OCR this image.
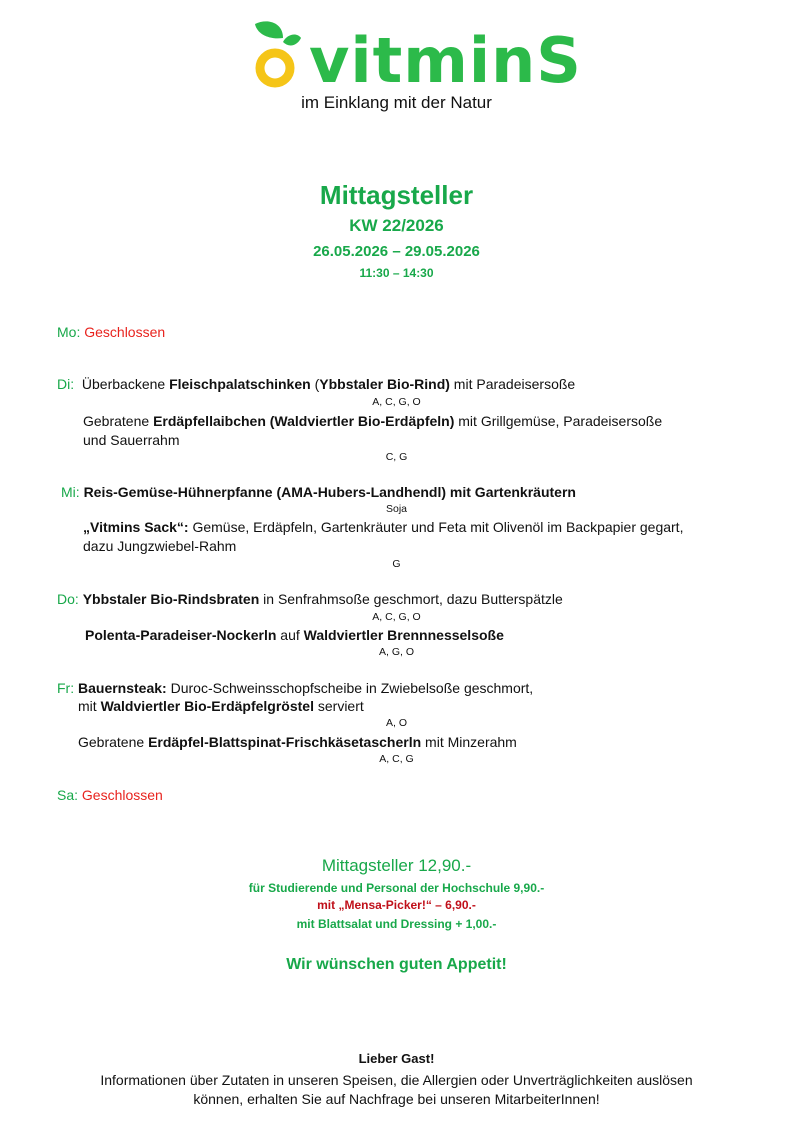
vitminS
im Einklang mit der Natur
Mittagsteller
KW 22/2026
26.05.2026 – 29.05.2026
11:30 – 14:30
Mo: Geschlossen
Di: Überbackene Fleischpalatschinken (Ybbstaler Bio-Rind) mit Paradeisersoße
A, C, G, O
Gebratene Erdäpfellaibchen (Waldviertler Bio-Erdäpfeln) mit Grillgemüse, Paradeisersoße
und Sauerrahm
C, G
Mi: Reis-Gemüse-Hühnerpfanne (AMA-Hubers-Landhendl) mit Gartenkräutern
Soja
„Vitmins Sack“: Gemüse, Erdäpfeln, Gartenkräuter und Feta mit Olivenöl im Backpapier gegart,
dazu Jungzwiebel-Rahm
G
Do: Ybbstaler Bio-Rindsbraten in Senfrahmsoße geschmort, dazu Butterspätzle
A, C, G, O
Polenta-Paradeiser-Nockerln auf Waldviertler Brennnesselsoße
A, G, O
Fr: Bauernsteak: Duroc-Schweinsschopfscheibe in Zwiebelsoße geschmort,
mit Waldviertler Bio-Erdäpfelgröstel serviert
A, O
Gebratene Erdäpfel-Blattspinat-Frischkäsetascherln mit Minzerahm
A, C, G
Sa: Geschlossen
Mittagsteller 12,90.-
für Studierende und Personal der Hochschule 9,90.-
mit „Mensa-Picker!“ – 6,90.-
mit Blattsalat und Dressing + 1,00.-
Wir wünschen guten Appetit!
Lieber Gast!
Informationen über Zutaten in unseren Speisen, die Allergien oder Unverträglichkeiten auslösen
können, erhalten Sie auf Nachfrage bei unseren MitarbeiterInnen!
